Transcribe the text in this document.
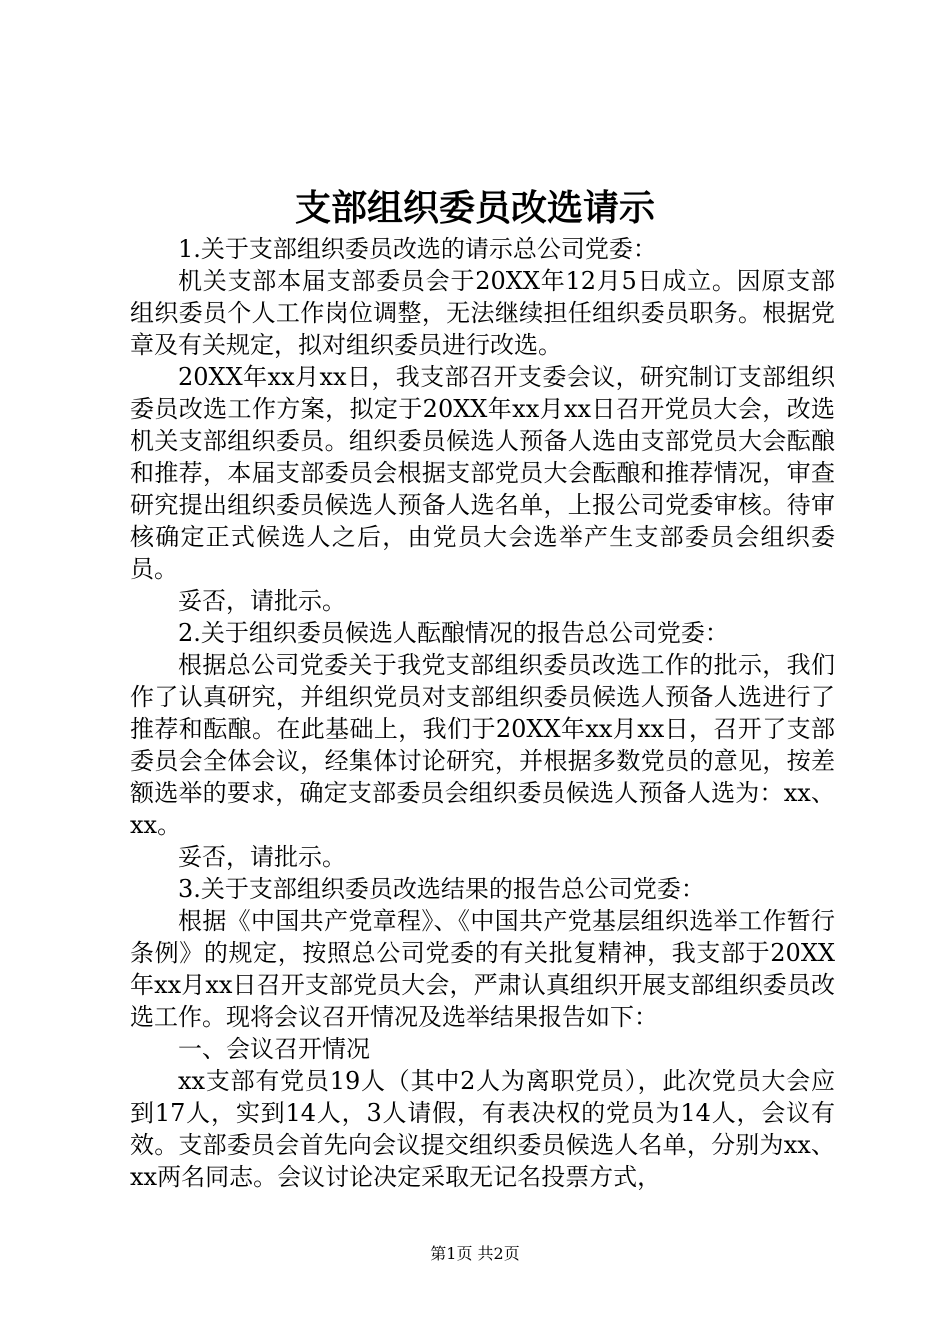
支部组织委员改选请示

1.关于支部组织委员改选的请示总公司党委：

机关支部本届支部委员会于20XX年12月5日成立。因原支部组织委员个人工作岗位调整，无法继续担任组织委员职务。根据党章及有关规定，拟对组织委员进行改选。

20XX年xx月xx日，我支部召开支委会议，研究制订支部组织委员改选工作方案，拟定于20XX年xx月xx日召开党员大会，改选机关支部组织委员。组织委员候选人预备人选由支部党员大会酝酿和推荐，本届支部委员会根据支部党员大会酝酿和推荐情况，审查研究提出组织委员候选人预备人选名单，上报公司党委审核。待审核确定正式候选人之后，由党员大会选举产生支部委员会组织委员。

妥否，请批示。

2.关于组织委员候选人酝酿情况的报告总公司党委：

根据总公司党委关于我党支部组织委员改选工作的批示，我们作了认真研究，并组织党员对支部组织委员候选人预备人选进行了推荐和酝酿。在此基础上，我们于20XX年xx月xx日，召开了支部委员会全体会议，经集体讨论研究，并根据多数党员的意见，按差额选举的要求，确定支部委员会组织委员候选人预备人选为：xx、xx。

妥否，请批示。

3.关于支部组织委员改选结果的报告总公司党委：

根据《中国共产党章程》、《中国共产党基层组织选举工作暂行条例》的规定，按照总公司党委的有关批复精神，我支部于20XX年xx月xx日召开支部党员大会，严肃认真组织开展支部组织委员改选工作。现将会议召开情况及选举结果报告如下：

一、会议召开情况

xx支部有党员19人（其中2人为离职党员），此次党员大会应到17人，实到14人，3人请假，有表决权的党员为14人，会议有效。支部委员会首先向会议提交组织委员候选人名单，分别为xx、xx两名同志。会议讨论决定采取无记名投票方式，

第1页 共2页
